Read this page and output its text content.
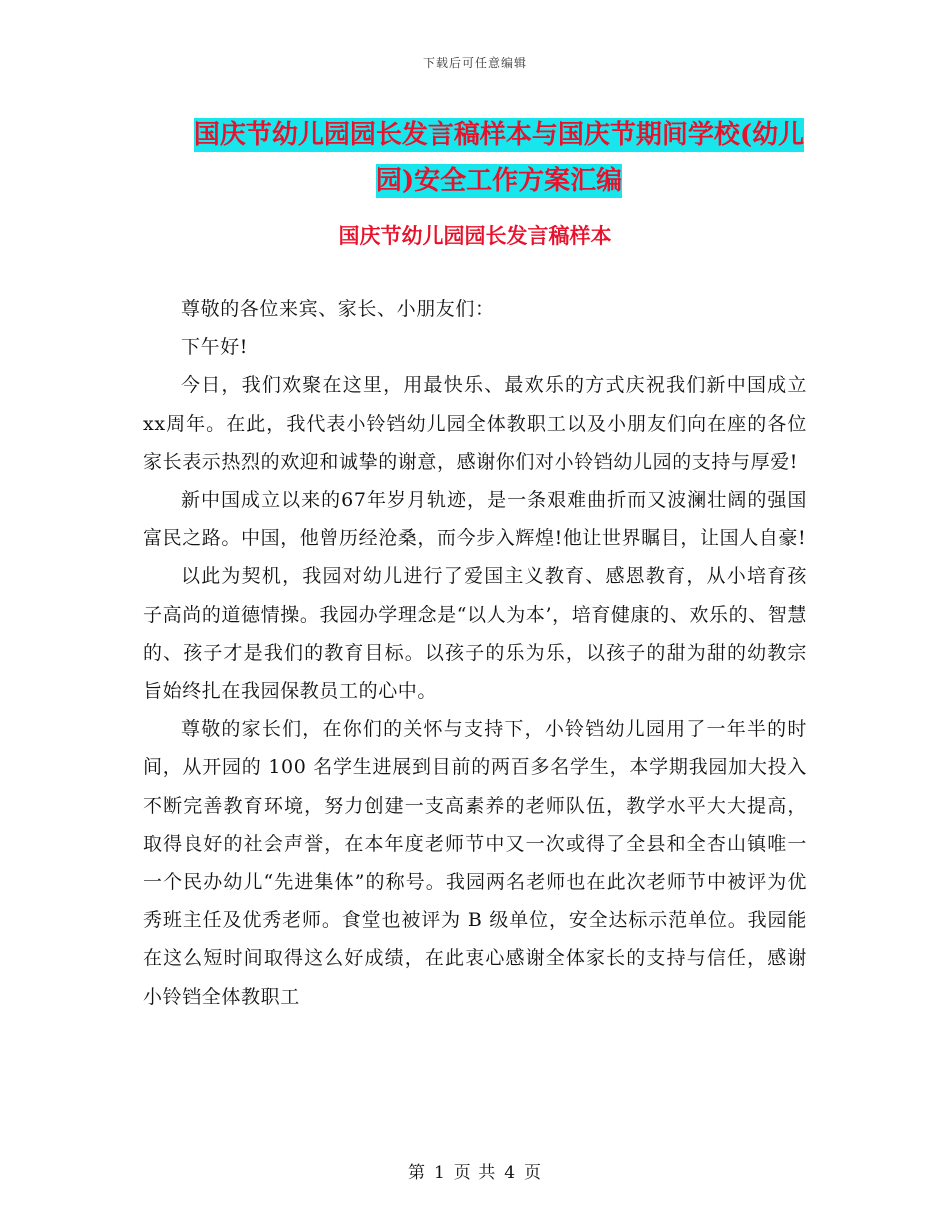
下载后可任意编辑
国庆节幼儿园园长发言稿样本与国庆节期间学校(幼儿园)安全工作方案汇编
国庆节幼儿园园长发言稿样本

尊敬的各位来宾、家长、小朋友们：

下午好!

今日，我们欢聚在这里，用最快乐、最欢乐的方式庆祝我们新中国成立xx周年。在此，我代表小铃铛幼儿园全体教职工以及小朋友们向在座的各位家长表示热烈的欢迎和诚挚的谢意，感谢你们对小铃铛幼儿园的支持与厚爱!

新中国成立以来的67年岁月轨迹，是一条艰难曲折而又波澜壮阔的强国富民之路。中国，他曾历经沧桑，而今步入辉煌!他让世界瞩目，让国人自豪!

以此为契机，我园对幼儿进行了爱国主义教育、感恩教育，从小培育孩子高尚的道德情操。我园办学理念是“以人为本’，培育健康的、欢乐的、智慧的、孩子才是我们的教育目标。以孩子的乐为乐，以孩子的甜为甜的幼教宗旨始终扎在我园保教员工的心中。

尊敬的家长们，在你们的关怀与支持下，小铃铛幼儿园用了一年半的时间，从开园的 100 名学生进展到目前的两百多名学生，本学期我园加大投入不断完善教育环境，努力创建一支高素养的老师队伍，教学水平大大提高，取得良好的社会声誉，在本年度老师节中又一次或得了全县和全杏山镇唯一一个民办幼儿“先进集体”的称号。我园两名老师也在此次老师节中被评为优秀班主任及优秀老师。食堂也被评为 B 级单位，安全达标示范单位。我园能在这么短时间取得这么好成绩，在此衷心感谢全体家长的支持与信任，感谢小铃铛全体教职工

第 1 页 共 4 页
